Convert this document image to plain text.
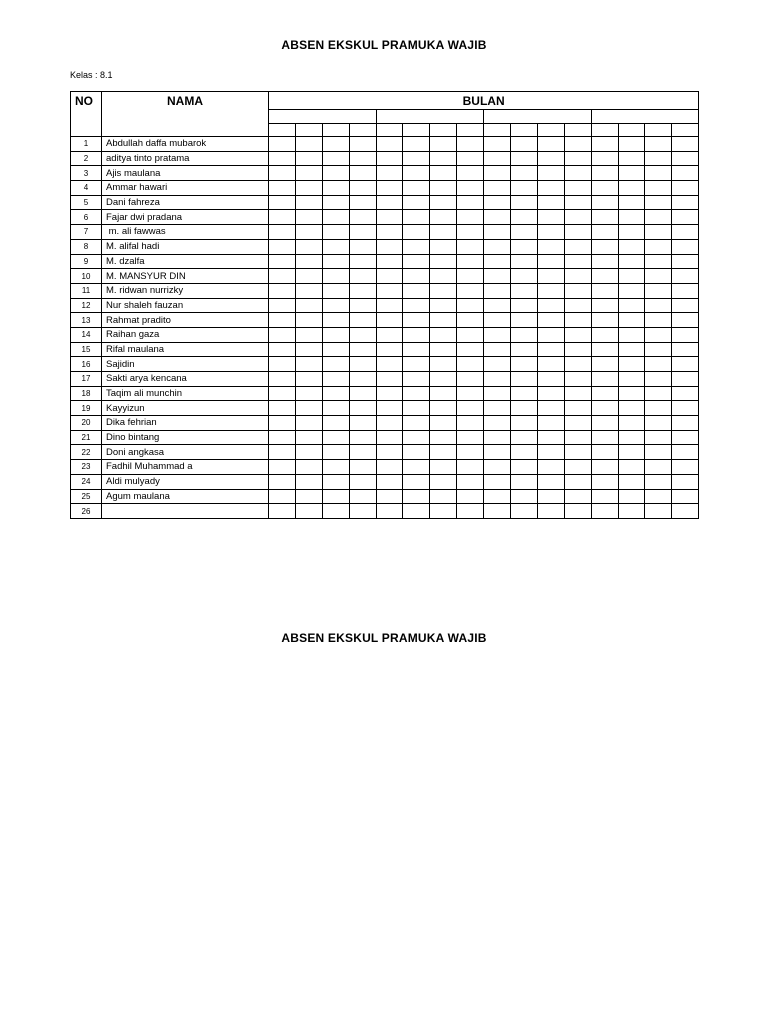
ABSEN EKSKUL PRAMUKA WAJIB
Kelas : 8.1
NO	NAMA	BULAN															

1	Abdullah daffa mubarok																
2	aditya tinto pratama																
3	Ajis maulana																
4	Ammar hawari																
5	Dani fahreza																
6	Fajar dwi pradana																
7	m. ali fawwas																
8	M. alifal hadi																
9	M. dzalfa																
10	M. MANSYUR DIN																
11	M. ridwan nurrizky																
12	Nur shaleh fauzan																
13	Rahmat pradito																
14	Raihan gaza																
15	Rifal maulana																
16	Sajidin																
17	Sakti arya kencana																
18	Taqim ali munchin																
19	Kayyizun																
20	Dika fehrian																
21	Dino bintang																
22	Doni angkasa																
23	Fadhil Muhammad a																
24	Aldi mulyady																
25	Agum maulana																
26																	
ABSEN EKSKUL PRAMUKA WAJIB
